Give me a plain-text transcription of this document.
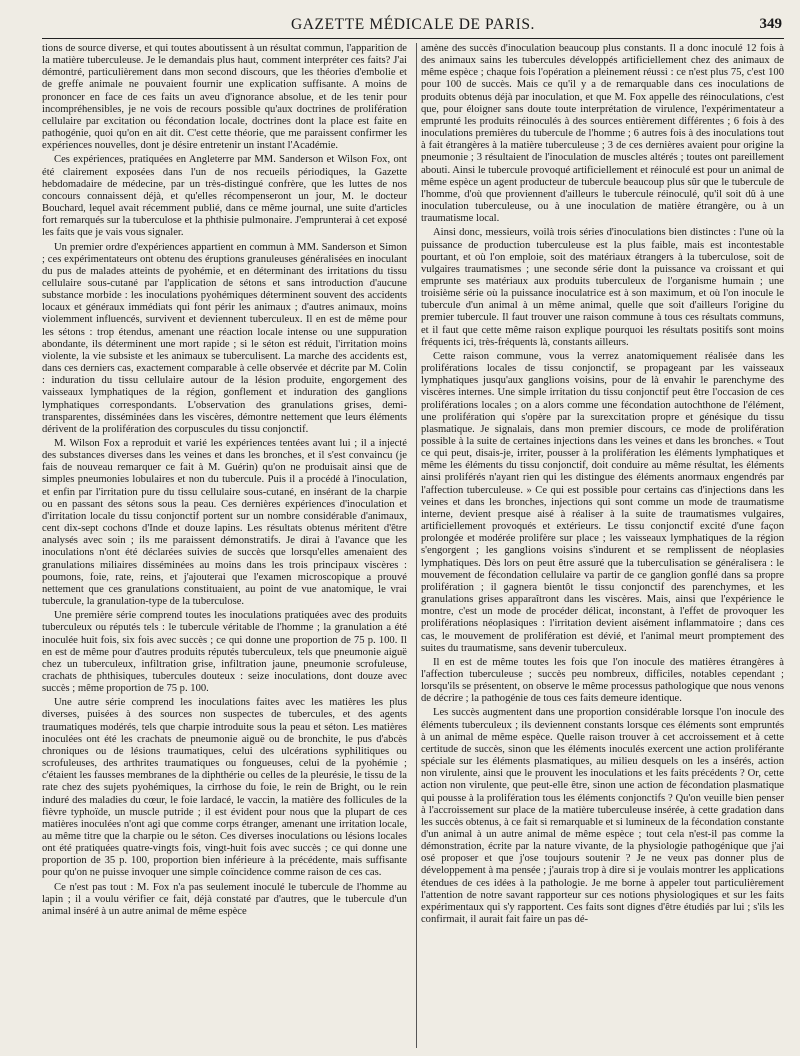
GAZETTE MÉDICALE DE PARIS.	349

tions de source diverse, et qui toutes aboutissent à un résultat commun, l'apparition de la matière tuberculeuse. Je le demandais plus haut, comment interpréter ces faits? J'ai démontré, particulièrement dans mon second discours, que les théories d'embolie et de greffe animale ne pouvaient fournir une explication suffisante. A moins de prononcer en face de ces faits un aveu d'ignorance absolue, et de les tenir pour incompréhensibles, je ne vois de recours possible qu'aux doctrines de prolifération cellulaire par excitation ou fécondation locale, doctrines dont la place est faite en pathogénie, quoi qu'on en ait dit. C'est cette théorie, que me paraissent confirmer les expériences nouvelles, dont je désire entretenir un instant l'Académie.

Ces expériences, pratiquées en Angleterre par MM. Sanderson et Wilson Fox, ont été clairement exposées dans l'un de nos recueils périodiques, la Gazette hebdomadaire de médecine, par un très-distingué confrère, que les luttes de nos concours connaissent déjà, et qu'elles récompenseront un jour, M. le docteur Bouchard, lequel avait récemment publié, dans ce même journal, une suite d'articles fort remarqués sur la tuberculose et la phthisie pulmonaire. J'emprunterai à cet exposé les faits que je vais vous signaler.

Un premier ordre d'expériences appartient en commun à MM. Sanderson et Simon ; ces expérimentateurs ont obtenu des éruptions granuleuses généralisées en inoculant du pus de malades atteints de pyohémie, et en déterminant des irritations du tissu cellulaire sous-cutané par l'application de sétons et sans introduction d'aucune substance morbide : les inoculations pyohémiques déterminent souvent des accidents locaux et généraux immédiats qui font périr les animaux ; d'autres animaux, moins violemment influencés, survivent et deviennent tuberculeux. Il en est de même pour les sétons : trop étendus, amenant une réaction locale intense ou une suppuration abondante, ils déterminent une mort rapide ; si le séton est réduit, l'irritation moins violente, la vie subsiste et les animaux se tuberculisent. La marche des accidents est, dans ces derniers cas, exactement comparable à celle observée et décrite par M. Colin : induration du tissu cellulaire autour de la lésion produite, engorgement des vaisseaux lymphatiques de la région, gonflement et induration des ganglions lymphatiques correspondants. L'observation des granulations grises, demi-transparentes, disséminées dans les viscères, démontre nettement que leurs éléments dérivent de la prolifération des corpuscules du tissu conjonctif.

M. Wilson Fox a reproduit et varié les expériences tentées avant lui ; il a injecté des substances diverses dans les veines et dans les bronches, et il s'est convaincu (je fais de nouveau remarquer ce fait à M. Guérin) qu'on ne produisait ainsi que de simples pneumonies lobulaires et non du tubercule. Puis il a procédé à l'inoculation, et enfin par l'irritation pure du tissu cellulaire sous-cutané, en insérant de la charpie ou en passant des sétons sous la peau. Ces dernières expériences d'inoculation et d'irritation locale du tissu conjonctif portent sur un nombre considérable d'animaux, cent dix-sept cochons d'Inde et douze lapins. Les résultats obtenus méritent d'être analysés avec soin ; ils me paraissent démonstratifs. Je dirai à l'avance que les inoculations n'ont été déclarées suivies de succès que lorsqu'elles amenaient des granulations miliaires disséminées au moins dans les trois principaux viscères : poumons, foie, rate, reins, et j'ajouterai que l'examen microscopique a prouvé nettement que ces granulations constituaient, au point de vue anatomique, le vrai tubercule, la granulation-type de la tuberculose.

Une première série comprend toutes les inoculations pratiquées avec des produits tuberculeux ou réputés tels : le tubercule véritable de l'homme ; la granulation a été inoculée huit fois, six fois avec succès ; ce qui donne une proportion de 75 p. 100. Il en est de même pour d'autres produits réputés tuberculeux, tels que pneumonie aiguë chez un tuberculeux, infiltration grise, infiltration jaune, pneumonie scrofuleuse, crachats de phthisiques, tubercules douteux : seize inoculations, dont douze avec succès ; même proportion de 75 p. 100.

Une autre série comprend les inoculations faites avec les matières les plus diverses, puisées à des sources non suspectes de tubercules, et des agents traumatiques modérés, tels que charpie introduite sous la peau et séton. Les matières inoculées ont été les crachats de pneumonie aiguë ou de bronchite, le pus d'abcès chroniques ou de lésions traumatiques, celui des ulcérations syphilitiques ou scrofuleuses, des arthrites traumatiques ou fongueuses, celui de la pyohémie ; c'étaient les fausses membranes de la diphthérie ou celles de la pleurésie, le tissu de la rate chez des sujets pyohémiques, la cirrhose du foie, le rein de Bright, ou le rein induré des maladies du cœur, le foie lardacé, le vaccin, la matière des follicules de la fièvre typhoïde, un muscle putride ; il est évident pour nous que la plupart de ces matières inoculées n'ont agi que comme corps étranger, amenant une irritation locale, au même titre que la charpie ou le séton. Ces diverses inoculations ou lésions locales ont été pratiquées quatre-vingts fois, vingt-huit fois avec succès ; ce qui donne une proportion de 35 p. 100, proportion bien inférieure à la précédente, mais suffisante pour qu'on ne puisse invoquer une simple coïncidence comme raison de ces cas.

Ce n'est pas tout : M. Fox n'a pas seulement inoculé le tubercule de l'homme au lapin ; il a voulu vérifier ce fait, déjà constaté par d'autres, que le tubercule d'un animal inséré à un autre animal de même espèce

amène des succès d'inoculation beaucoup plus constants. Il a donc inoculé 12 fois à des animaux sains les tubercules développés artificiellement chez des animaux de même espèce ; chaque fois l'opération a pleinement réussi : ce n'est plus 75, c'est 100 pour 100 de succès. Mais ce qu'il y a de remarquable dans ces inoculations de produits obtenus déjà par inoculation, et que M. Fox appelle des réinoculations, c'est que, pour éloigner sans doute toute interprétation de virulence, l'expérimentateur a emprunté les produits réinoculés à des sources entièrement différentes ; 6 fois à des inoculations premières du tubercule de l'homme ; 6 autres fois à des inoculations tout à fait étrangères à la matière tuberculeuse ; 3 de ces dernières avaient pour origine la pneumonie ; 3 résultaient de l'inoculation de muscles altérés ; toutes ont pareillement abouti. Ainsi le tubercule provoqué artificiellement et réinoculé est pour un animal de même espèce un agent producteur de tubercule beaucoup plus sûr que le tubercule de l'homme, d'où que proviennent d'ailleurs le tubercule réinoculé, qu'il soit dû à une inoculation tuberculeuse, ou à une inoculation de matière étrangère, ou à un traumatisme local.

Ainsi donc, messieurs, voilà trois séries d'inoculations bien distinctes : l'une où la puissance de production tuberculeuse est la plus faible, mais est incontestable pourtant, et où l'on emploie, soit des matériaux étrangers à la tuberculose, soit de vulgaires traumatismes ; une seconde série dont la puissance va croissant et qui emprunte ses matériaux aux produits tuberculeux de l'organisme humain ; une troisième série où la puissance inoculatrice est à son maximum, et où l'on inocule le tubercule d'un animal à un même animal, quelle que soit d'ailleurs l'origine du premier tubercule. Il faut trouver une raison commune à tous ces résultats communs, et il faut que cette même raison explique pourquoi les résultats positifs sont moins fréquents ici, très-fréquents là, constants ailleurs.

Cette raison commune, vous la verrez anatomiquement réalisée dans les proliférations locales de tissu conjonctif, se propageant par les vaisseaux lymphatiques jusqu'aux ganglions voisins, pour de là envahir le parenchyme des viscères internes. Une simple irritation du tissu conjonctif peut être l'occasion de ces proliférations locales ; on a alors comme une fécondation autochthone de l'élément, une prolifération qui s'opère par la surexcitation propre et génésique du tissu plasmatique. Je signalais, dans mon premier discours, ce mode de prolifération possible à la suite de certaines injections dans les veines et dans les bronches. « Tout ce qui peut, disais-je, irriter, pousser à la prolifération les éléments lymphatiques et même les éléments du tissu conjonctif, doit conduire au même résultat, les éléments ainsi proliférés n'ayant rien qui les distingue des éléments anormaux engendrés par l'affection tuberculeuse. » Ce qui est possible pour certains cas d'injections dans les veines et dans les bronches, injections qui sont comme un mode de traumatisme interne, devient presque aisé à réaliser à la suite de traumatismes vulgaires, artificiellement provoqués et extérieurs. Le tissu conjonctif excité d'une façon prolongée et modérée prolifère sur place ; les vaisseaux lymphatiques de la région s'engorgent ; les ganglions voisins s'indurent et se remplissent de néoplasies lymphatiques. Dès lors on peut être assuré que la tuberculisation se généralisera : le mouvement de fécondation cellulaire va partir de ce ganglion gonflé dans sa propre prolifération ; il gagnera bientôt le tissu conjonctif des parenchymes, et les granulations grises apparaîtront dans les viscères. Mais, ainsi que l'expérience le montre, c'est un mode de procéder délicat, inconstant, à l'effet de provoquer les proliférations néoplasiques : l'irritation devient aisément inflammatoire ; dans ces cas, le mouvement de prolifération est dévié, et l'animal meurt promptement des suites du traumatisme, sans devenir tuberculeux.

Il en est de même toutes les fois que l'on inocule des matières étrangères à l'affection tuberculeuse ; succès peu nombreux, difficiles, notables cependant ; lorsqu'ils se présentent, on observe le même processus pathologique que nous venons de décrire ; la pathogénie de tous ces faits demeure identique.

Les succès augmentent dans une proportion considérable lorsque l'on inocule des éléments tuberculeux ; ils deviennent constants lorsque ces éléments sont empruntés à un animal de même espèce. Quelle raison trouver à cet accroissement et à cette certitude de succès, sinon que les éléments inoculés exercent une action proliférante spéciale sur les éléments plasmatiques, au milieu desquels on les a insérés, action non virulente, ainsi que le prouvent les inoculations et les faits précédents ? Or, cette action non virulente, que peut-elle être, sinon une action de fécondation plasmatique qui pousse à la prolifération tous les éléments conjonctifs ? Qu'on veuille bien penser à l'accroissement sur place de la matière tuberculeuse insérée, à cette gradation dans les succès obtenus, à ce fait si remarquable et si lumineux de la fécondation constante d'un animal à un autre animal de même espèce ; tout cela n'est-il pas comme la démonstration, écrite par la nature vivante, de la physiologie pathogénique que j'ai osé proposer et que j'ose toujours soutenir ? Je ne veux pas donner plus de développement à ma pensée ; j'aurais trop à dire si je voulais montrer les applications étendues de ces idées à la pathologie. Je me borne à appeler tout particulièrement l'attention de notre savant rapporteur sur ces notions physiologiques et sur les faits expérimentaux qui s'y rapportent. Ces faits sont dignes d'être étudiés par lui ; s'ils les confirmait, il aurait fait faire un pas dé-
